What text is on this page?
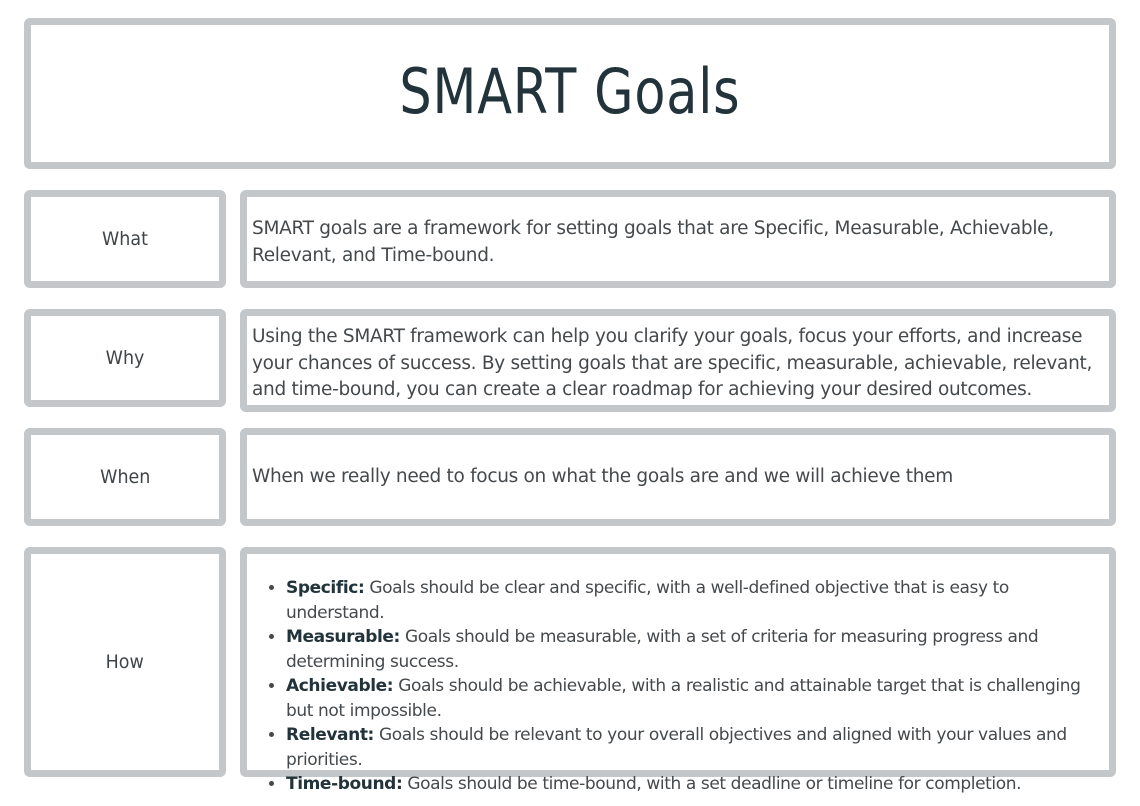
SMART Goals
What	SMART goals are a framework for setting goals that are Specific, Measurable, Achievable, Relevant, and Time-bound.
Why
Using the SMART framework can help you clarify your goals, focus your efforts, and increase your chances of success. By setting goals that are specific, measurable, achievable, relevant, and time-bound, you can create a clear roadmap for achieving your desired outcomes.
When	When we really need to focus on what the goals are and we will achieve them
How
• Specific: Goals should be clear and specific, with a well-defined objective that is easy to understand.
• Measurable: Goals should be measurable, with a set of criteria for measuring progress and determining success.
• Achievable: Goals should be achievable, with a realistic and attainable target that is challenging but not impossible.
• Relevant: Goals should be relevant to your overall objectives and aligned with your values and priorities.
• Time-bound: Goals should be time-bound, with a set deadline or timeline for completion.
